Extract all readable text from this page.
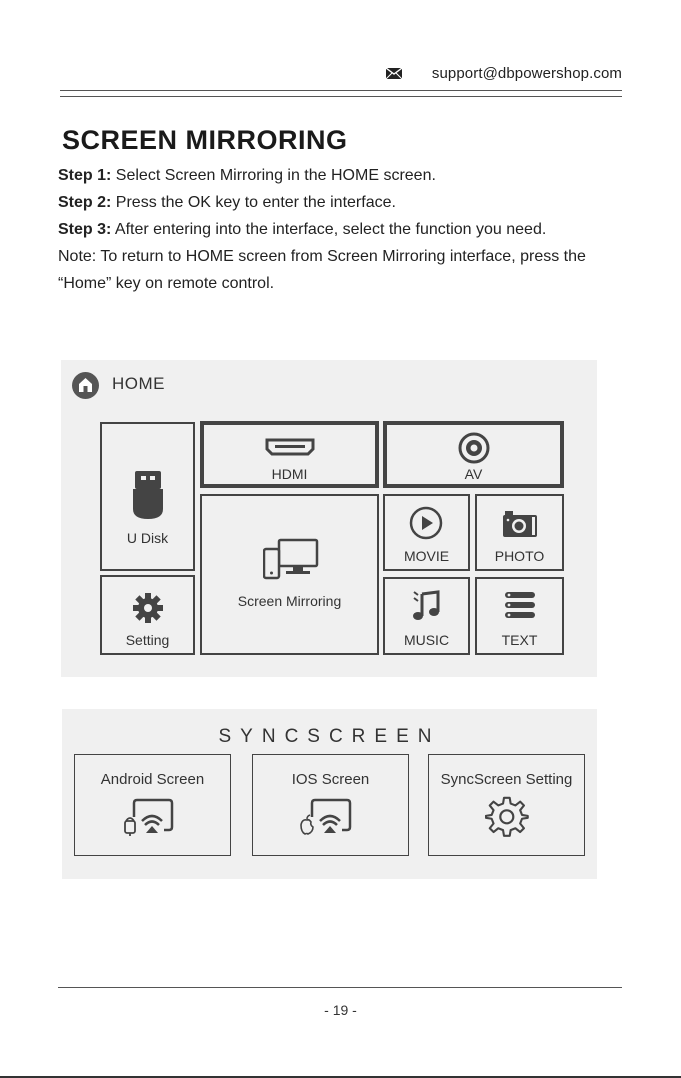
support@dbpowershop.com
SCREEN MIRRORING

Step 1: Select Screen Mirroring in the HOME screen.

Step 2: Press the OK key to enter the interface.

Step 3: After entering into the interface, select the function you need.

Note: To return to HOME screen from Screen Mirroring interface, press the “Home” key on remote control.

HOME
U Disk
HDMI	AV
Screen Mirroring
MOVIE	PHOTO
Setting	MUSIC	TEXT
SYNCSCREEN
Android Screen	IOS Screen	SyncScreen Setting
- 19 -
